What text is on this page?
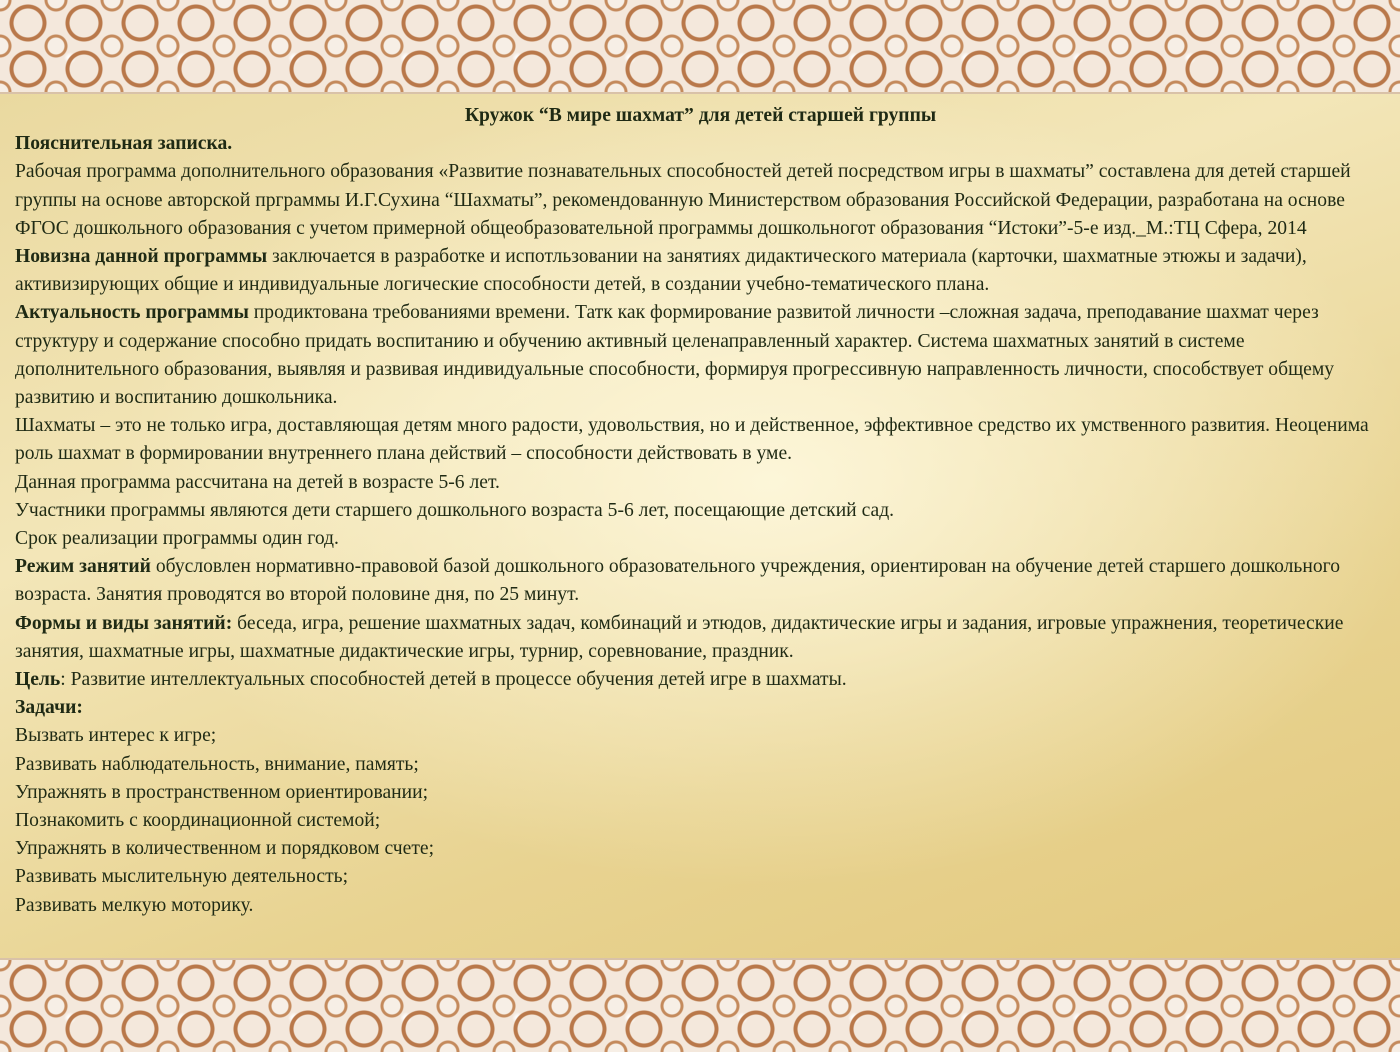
Кружок “В мире шахмат” для детей старшей группы

Пояснительная записка.

Рабочая программа дополнительного образования «Развитие познавательных способностей детей посредством игры в шахматы” составлена для детей старшей группы на основе авторской прграммы И.Г.Сухина “Шахматы”, рекомендованную Министерством образования Российской Федерации, разработана на основе ФГОС дошкольного образования с учетом примерной общеобразовательной программы дошкольногот образования “Истоки”-5-е изд._М.:ТЦ Сфера, 2014

Новизна данной программы заключается в разработке и испотльзовании на занятиях дидактического материала (карточки, шахматные этюжы и задачи), активизирующих общие и индивидуальные логические способности детей, в создании учебно-тематического плана.

Актуальность программы продиктована требованиями времени. Татк как формирование развитой личности –сложная задача, преподавание шахмат через структуру и содержание способно придать воспитанию и обучению активный целенаправленный характер. Система шахматных занятий в системе дополнительного образования, выявляя и развивая индивидуальные способности, формируя прогрессивную направленность личности, способствует общему развитию и воспитанию дошкольника.

Шахматы – это не только игра, доставляющая детям много радости, удовольствия, но и действенное, эффективное средство их умственного развития. Неоценима роль шахмат в формировании внутреннего плана действий – способности действовать в уме.

Данная программа рассчитана на детей в возрасте 5-6 лет.

Участники программы являются дети старшего дошкольного возраста 5-6 лет, посещающие детский сад.

Срок реализации программы один год.

Режим занятий обусловлен нормативно-правовой базой дошкольного образовательного учреждения, ориентирован на обучение детей старшего дошкольного возраста. Занятия проводятся во второй половине дня, по 25 минут.

Формы и виды занятий: беседа, игра, решение шахматных задач, комбинаций и этюдов, дидактические игры и задания, игровые упражнения, теоретические занятия, шахматные игры, шахматные дидактические игры, турнир, соревнование, праздник.

Цель: Развитие интеллектуальных способностей детей в процессе обучения детей игре в шахматы.

Задачи:

Вызвать интерес к игре;
Развивать наблюдательность, внимание, память;
Упражнять в пространственном ориентировании;
Познакомить с координационной системой;
Упражнять в количественном и порядковом счете;
Развивать мыслительную деятельность;
Развивать мелкую моторику.
